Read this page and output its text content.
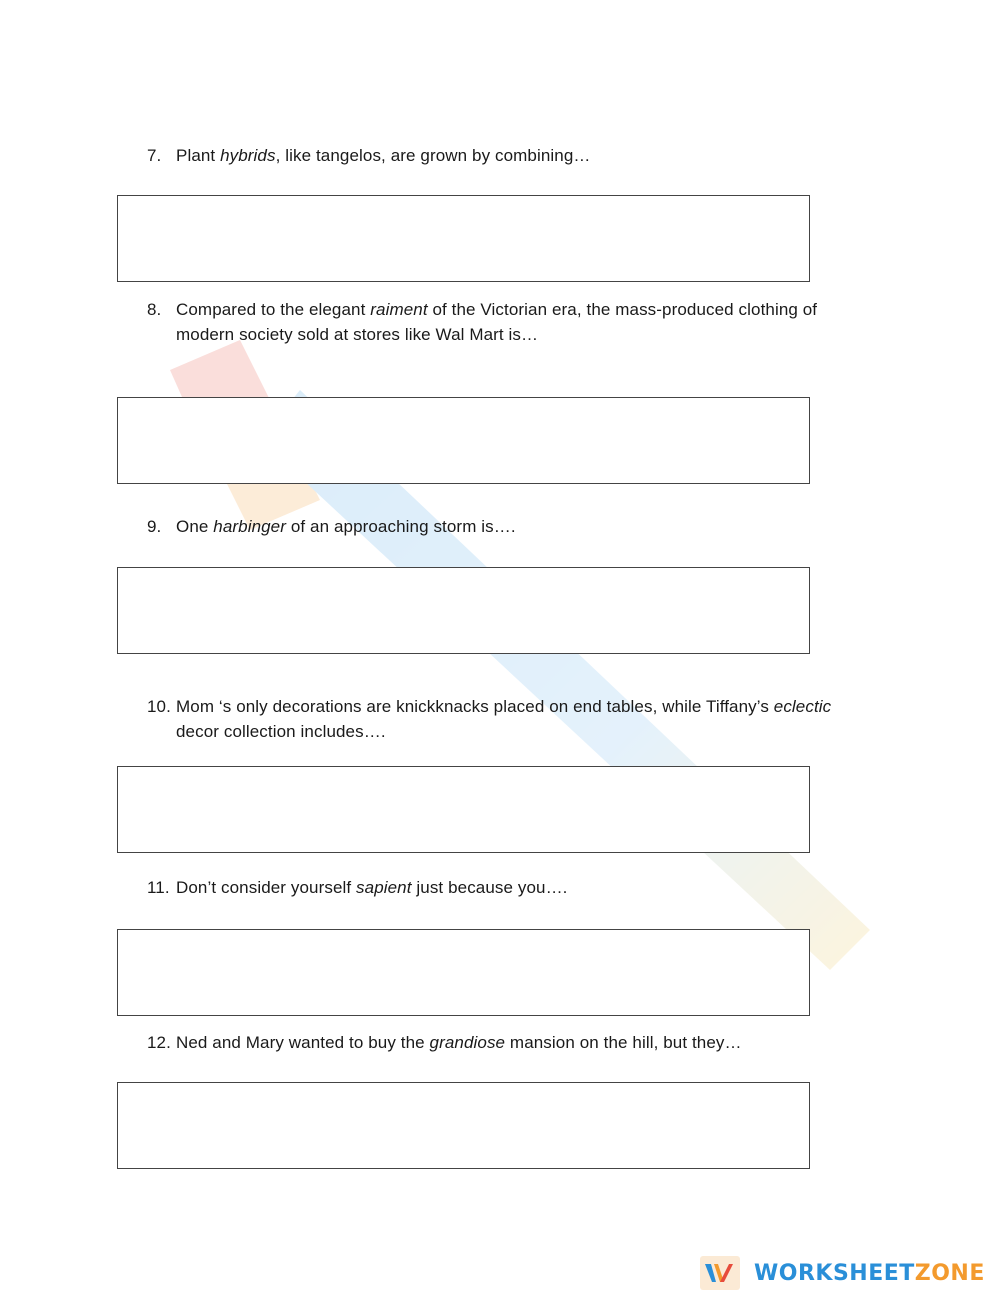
7. Plant hybrids, like tangelos, are grown by combining…
8. Compared to the elegant raiment of the Victorian era, the mass-produced clothing of
modern society sold at stores like Wal Mart is…
9. One harbinger of an approaching storm is….
10. Mom ‘s only decorations are knickknacks placed on end tables, while Tiffany’s eclectic
decor collection includes….
11. Don’t consider yourself sapient just because you….
12. Ned and Mary wanted to buy the grandiose mansion on the hill, but they…
WORKSHEETZONE
